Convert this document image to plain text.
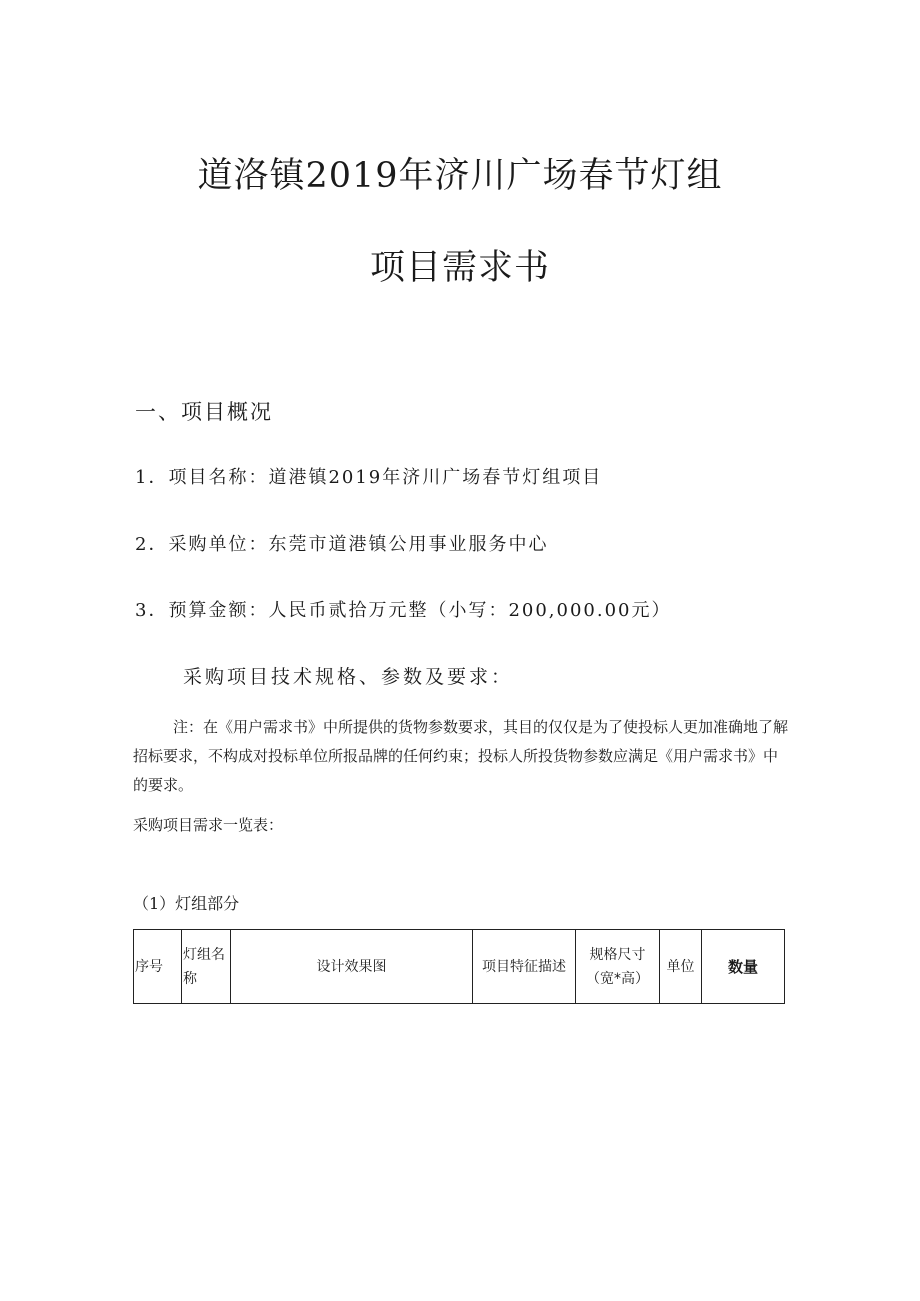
道洛镇2019年济川广场春节灯组
项目需求书
一、项目概况
1．项目名称：道港镇2019年济川广场春节灯组项目
2．采购单位：东莞市道港镇公用事业服务中心
3．预算金额：人民币贰拾万元整（小写：200,000.00元）
采购项目技术规格、参数及要求：

注：在《用户需求书》中所提供的货物参数要求，其目的仅仅是为了使投标人更加准确地了解招标要求，不构成对投标单位所报品牌的任何约束；投标人所投货物参数应满足《用户需求书》中的要求。

采购项目需求一览表：
（1）灯组部分
序号	灯组名称	设计效果图	项目特征描述	规格尺寸（宽*高）	单位	数量
